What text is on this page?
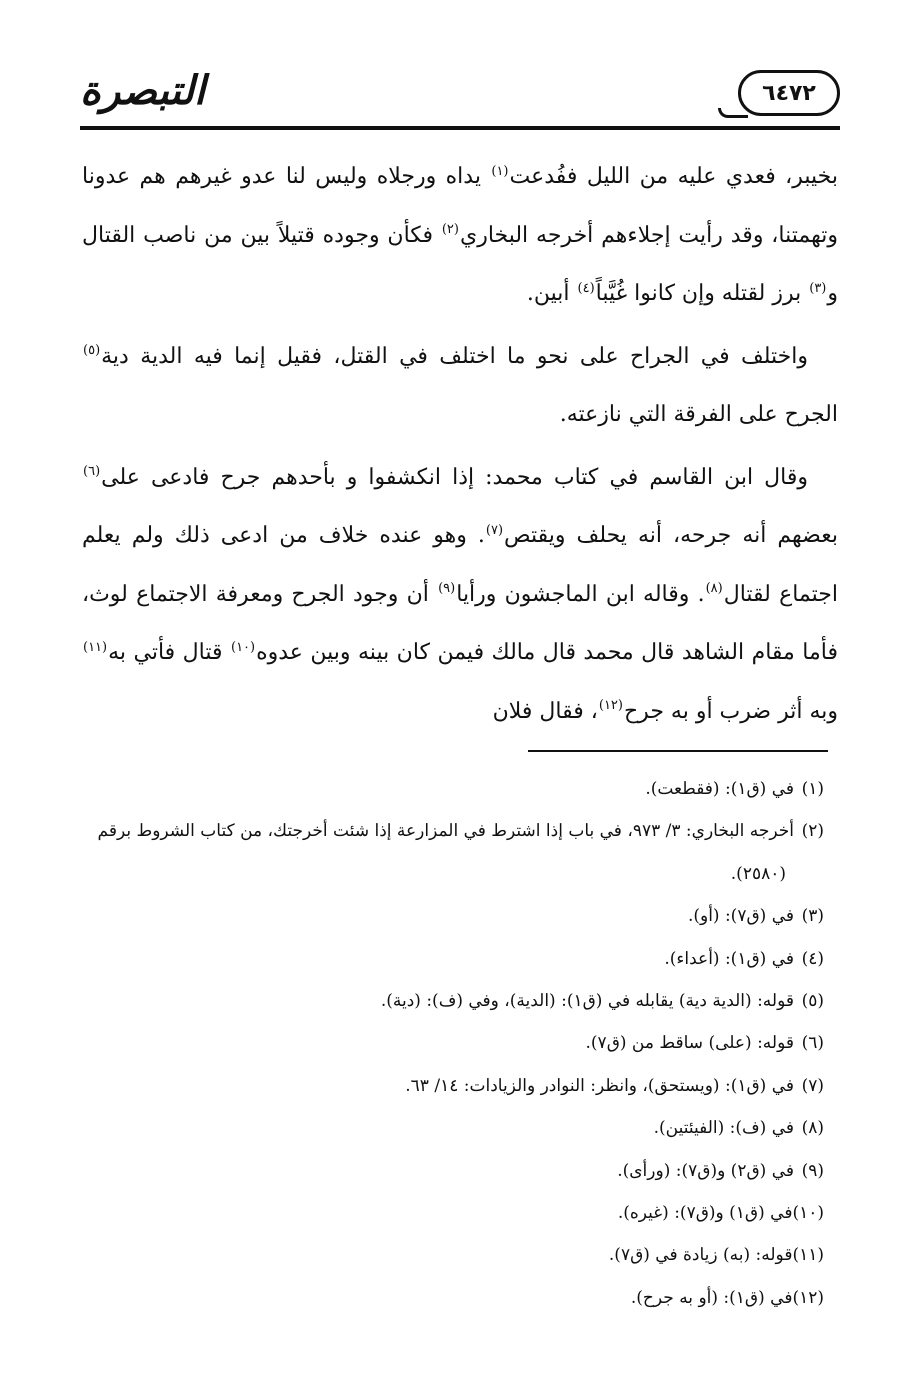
٦٤٧٢
التبصرة

بخيبر، فعدي عليه من الليل ففُدعت$^{(١)}$ يداه ورجلاه وليس لنا عدو غيرهم هم عدونا وتهمتنا، وقد رأيت إجلاءهم أخرجه البخاري$^{(٢)}$ فكأن وجوده قتيلاً بين من ناصب القتال و$^{(٣)}$ برز لقتله وإن كانوا غُيَّباً$^{(٤)}$ أبين.

واختلف في الجراح على نحو ما اختلف في القتل، فقيل إنما فيه الدية دية$^{(٥)}$ الجرح على الفرقة التي نازعته.

وقال ابن القاسم في كتاب محمد: إذا انكشفوا و بأحدهم جرح فادعى على$^{(٦)}$ بعضهم أنه جرحه، أنه يحلف ويقتص$^{(٧)}$. وهو عنده خلاف من ادعى ذلك ولم يعلم اجتماع لقتال$^{(٨)}$. وقاله ابن الماجشون ورأيا$^{(٩)}$ أن وجود الجرح ومعرفة الاجتماع لوث، فأما مقام الشاهد قال محمد قال مالك فيمن كان بينه وبين عدوه$^{(١٠)}$ قتال فأتي به$^{(١١)}$ وبه أثر ضرب أو به جرح$^{(١٢)}$، فقال فلان

(١)في (ق١): (فقطعت).
(٢)أخرجه البخاري: ٣/ ٩٧٣، في باب إذا اشترط في المزارعة إذا شئت أخرجتك، من كتاب الشروط برقم (٢٥٨٠).
(٣)في (ق٧): (أو).
(٤)في (ق١): (أعداء).
(٥)قوله: (الدية دية) يقابله في (ق١): (الدية)، وفي (ف): (دية).
(٦)قوله: (على) ساقط من (ق٧).
(٧)في (ق١): (ويستحق)، وانظر: النوادر والزيادات: ١٤/ ٦٣.
(٨)في (ف): (الفيئتين).
(٩)في (ق٢) و(ق٧): (ورأى).
(١٠)في (ق١) و(ق٧): (غيره).
(١١)قوله: (به) زيادة في (ق٧).
(١٢)في (ق١): (أو به جرح).
